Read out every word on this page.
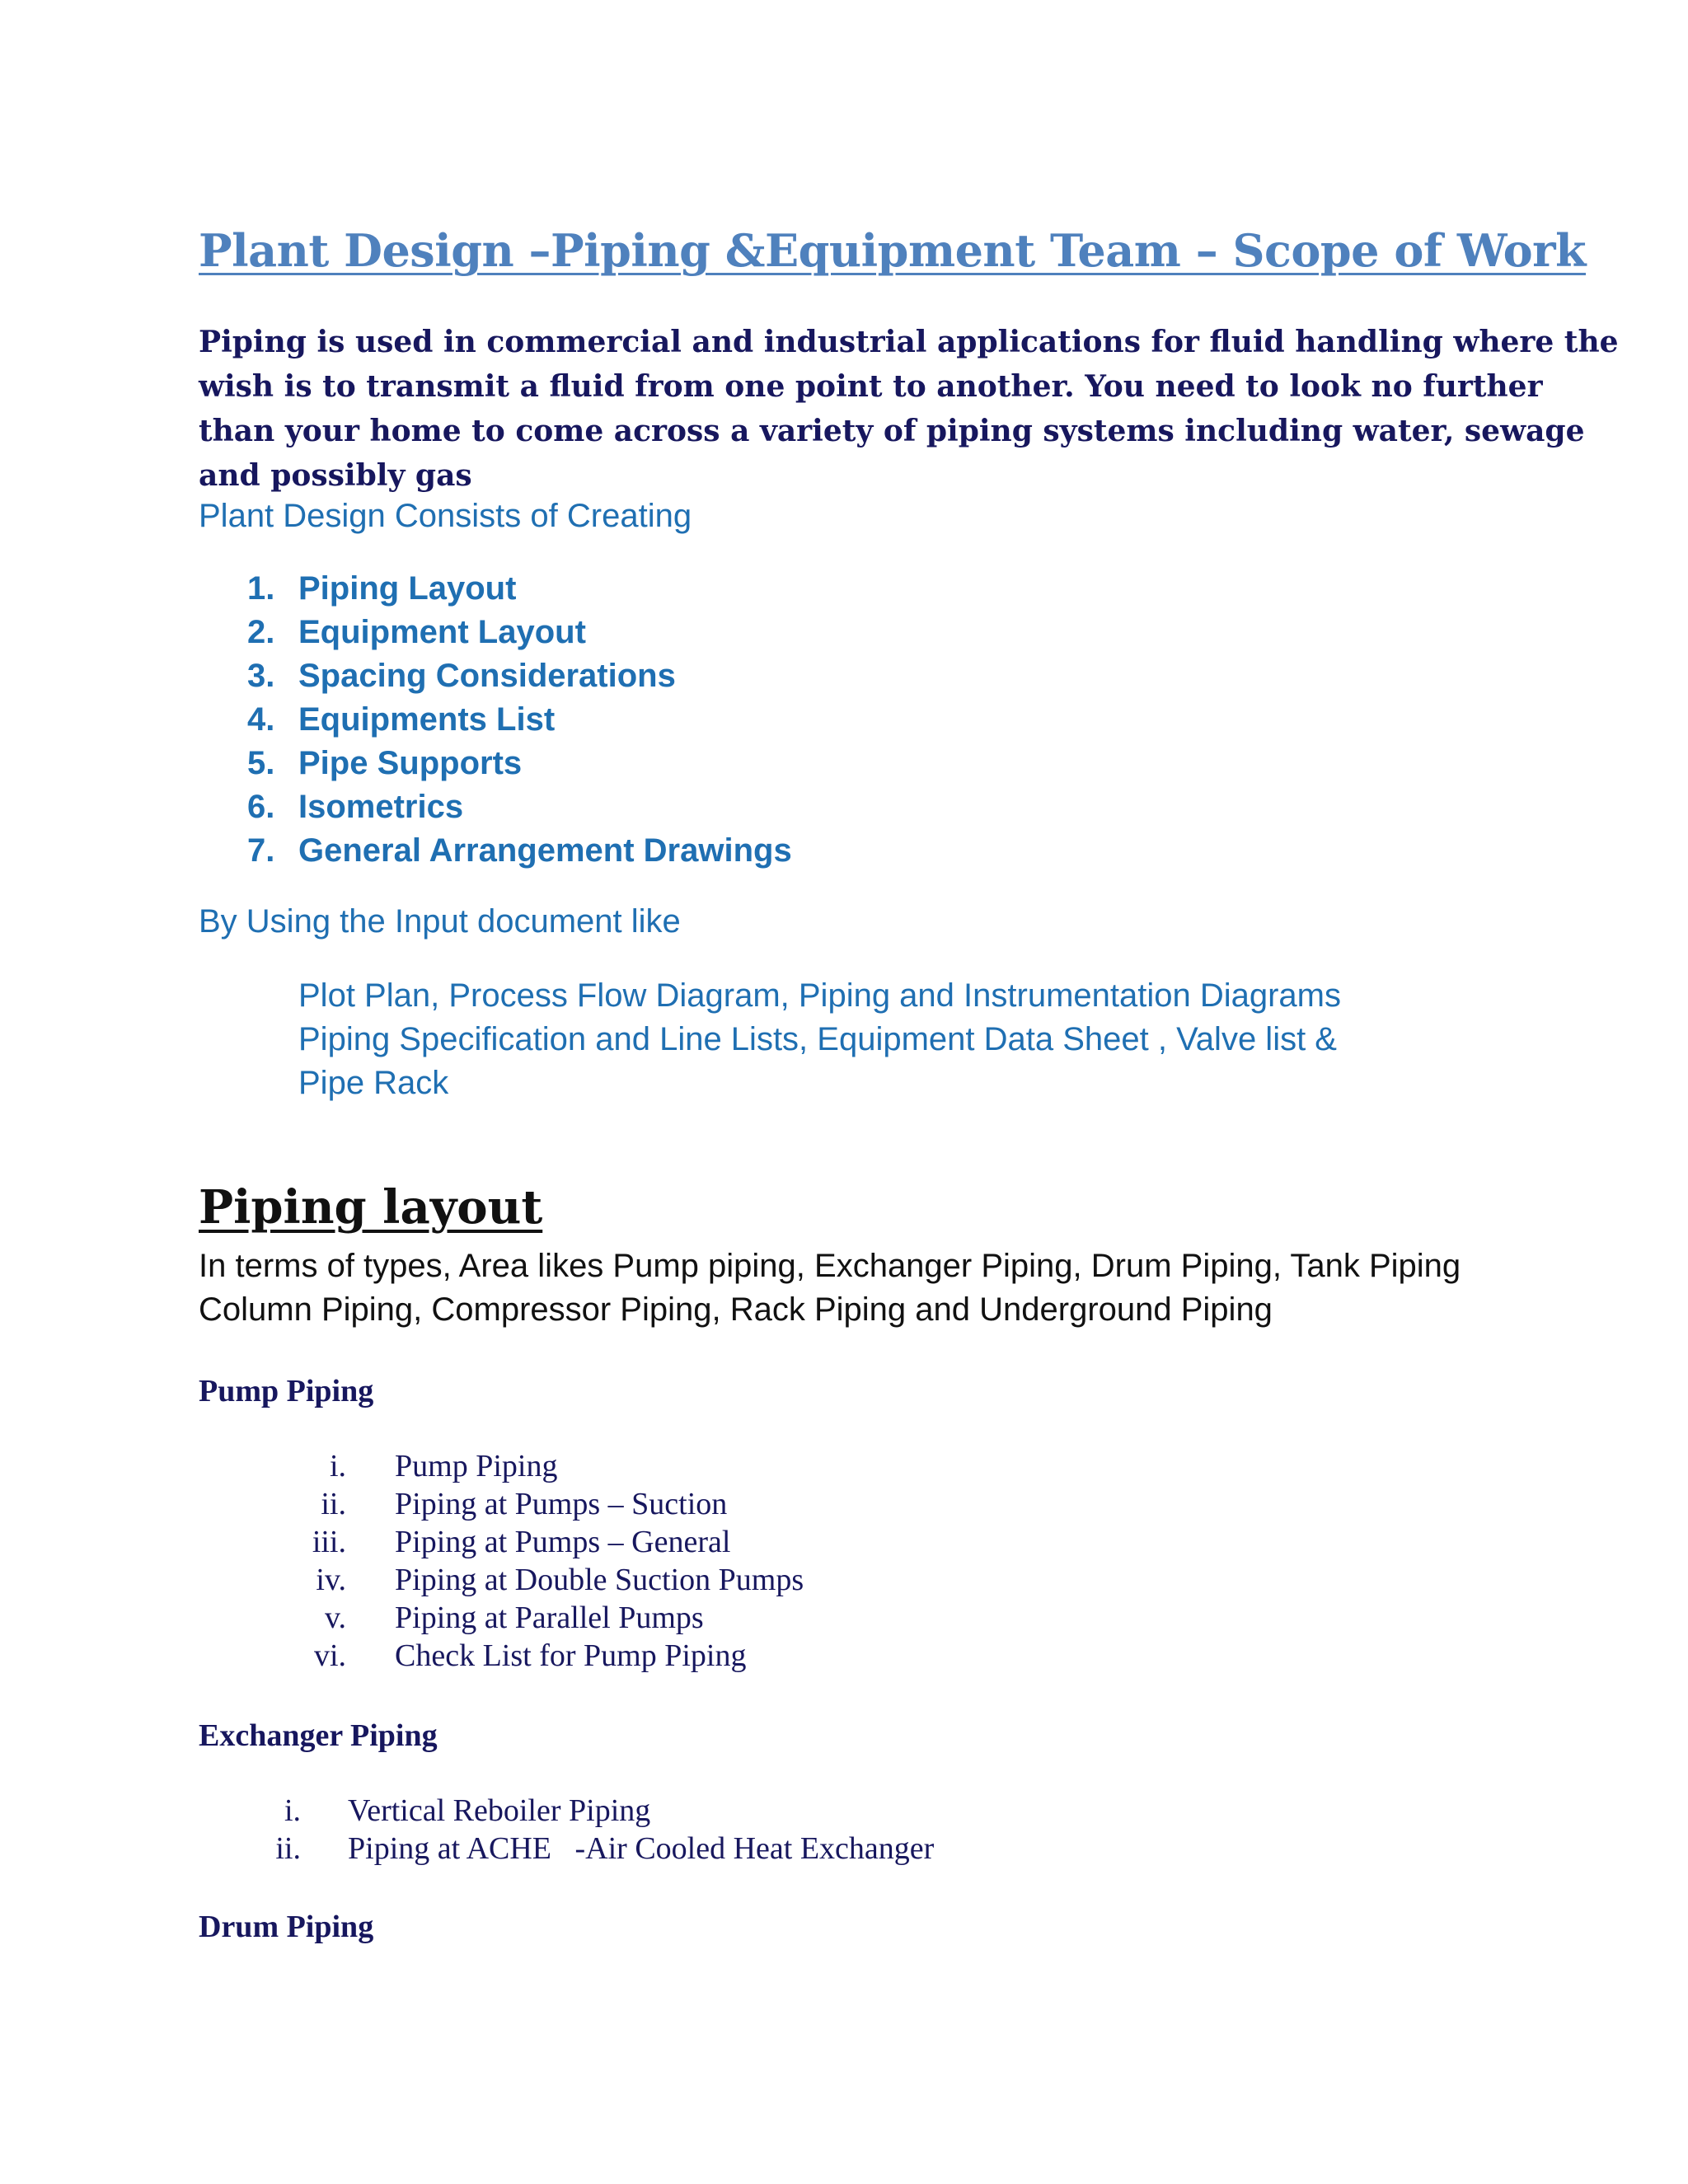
Plant Design –Piping &Equipment Team – Scope of Work
Piping is used in commercial and industrial applications for fluid handling where the
wish is to transmit a fluid from one point to another. You need to look no further
than your home to come across a variety of piping systems including water, sewage
and possibly gas
Plant Design Consists of Creating
1. Piping Layout
2. Equipment Layout
3. Spacing Considerations
4. Equipments List
5. Pipe Supports
6. Isometrics
7. General Arrangement Drawings
By Using the Input document like
Plot Plan, Process Flow Diagram, Piping and Instrumentation Diagrams
Piping Specification and Line Lists, Equipment Data Sheet , Valve list &
Pipe Rack
Piping layout
In terms of types, Area likes Pump piping, Exchanger Piping, Drum Piping, Tank Piping
Column Piping, Compressor Piping, Rack Piping and Underground Piping
Pump Piping
i. Pump Piping
ii. Piping at Pumps – Suction
iii. Piping at Pumps – General
iv. Piping at Double Suction Pumps
v. Piping at Parallel Pumps
vi. Check List for Pump Piping
Exchanger Piping
i. Vertical Reboiler Piping
ii. Piping at ACHE   -Air Cooled Heat Exchanger
Drum Piping
